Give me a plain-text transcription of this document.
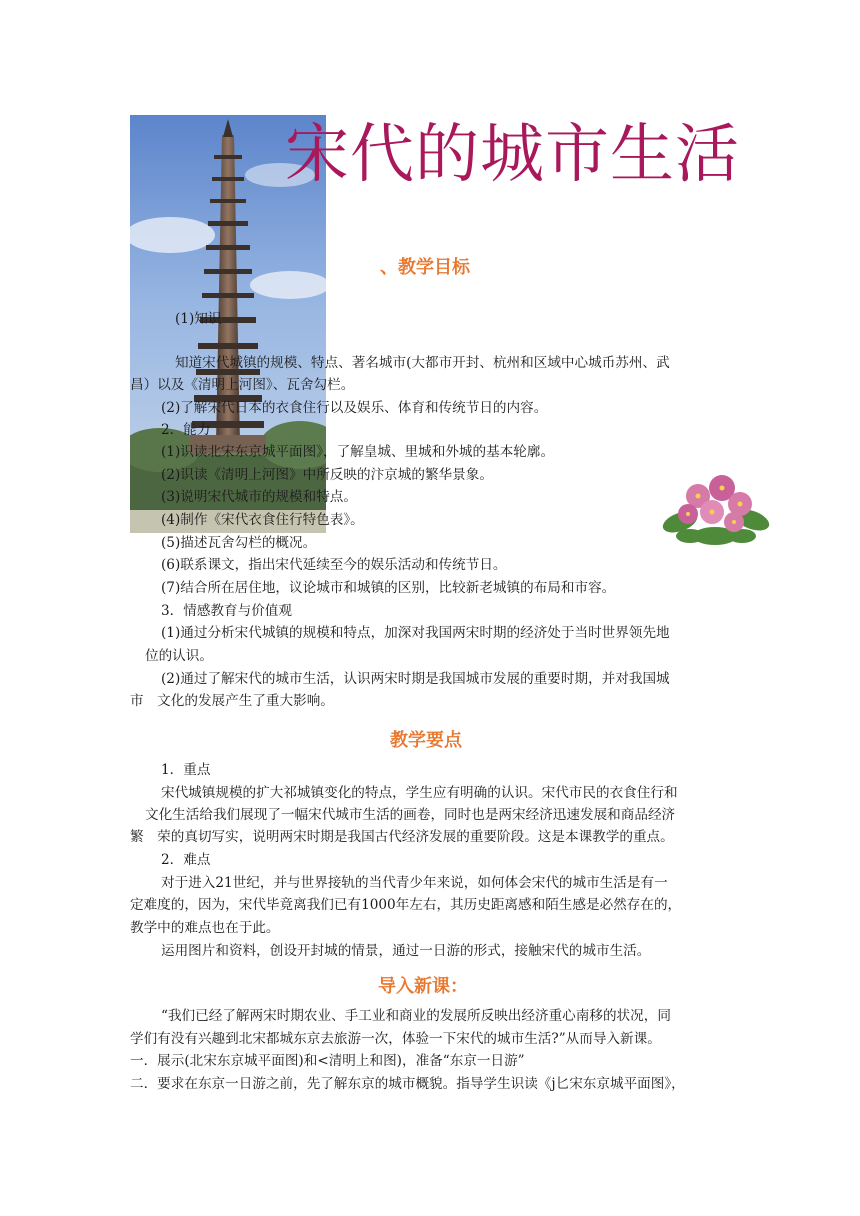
宋代的城市生活
、教学目标
(1)知识
知道宋代城镇的规模、特点、著名城市(大都市开封、杭州和区域中心城币苏州、武
昌）以及《清明上河图》、瓦舍勾栏。
(2)了解宋代日本的衣食住行以及娱乐、体育和传统节日的内容。
2．能力
(1)识读北宋东京城平面图》，了解皇城、里城和外城的基本轮廓。
(2)识读《清明上河图》中所反映的汴京城的繁华景象。
(3)说明宋代城市的规模和特点。
(4)制作《宋代衣食住行特色表》。
(5)描述瓦舍勾栏的概况。
(6)联系课文，指出宋代延续至今的娱乐活动和传统节日。
(7)结合所在居住地，议论城市和城镇的区别，比较新老城镇的布局和市容。
3．情感教育与价值观
(1)通过分析宋代城镇的规模和特点，加深对我国两宋时期的经济处于当时世界领先地
位的认识。
(2)通过了解宋代的城市生活，认识两宋时期是我国城市发展的重要时期，并对我国城
市　文化的发展产生了重大影响。
教学要点
1．重点
宋代城镇规模的扩大祁城镇变化的特点，学生应有明确的认识。宋代市民的衣食住行和
文化生活给我们展现了一幅宋代城市生活的画卷，同时也是两宋经济迅速发展和商品经济
繁　荣的真切写实，说明两宋时期是我国古代经济发展的重要阶段。这是本课教学的重点。
2．难点
对于进入21世纪，并与世界接轨的当代青少年来说，如何体会宋代的城市生活是有一
定难度的，因为，宋代毕竟离我们已有1000年左右，其历史距离感和陌生感是必然存在的，
教学中的难点也在于此。
运用图片和资料，创设开封城的情景，通过一日游的形式，接触宋代的城市生活。
导入新课：
“我们已经了解两宋时期农业、手工业和商业的发展所反映出经济重心南移的状况，同
学们有没有兴趣到北宋都城东京去旅游一次，体验一下宋代的城市生活?”从而导入新课。
一．展示(北宋东京城平面图)和<清明上和图)，准备“东京一日游”
二．要求在东京一日游之前，先了解东京的城市概貌。指导学生识读《j匕宋东京城平面图》，
